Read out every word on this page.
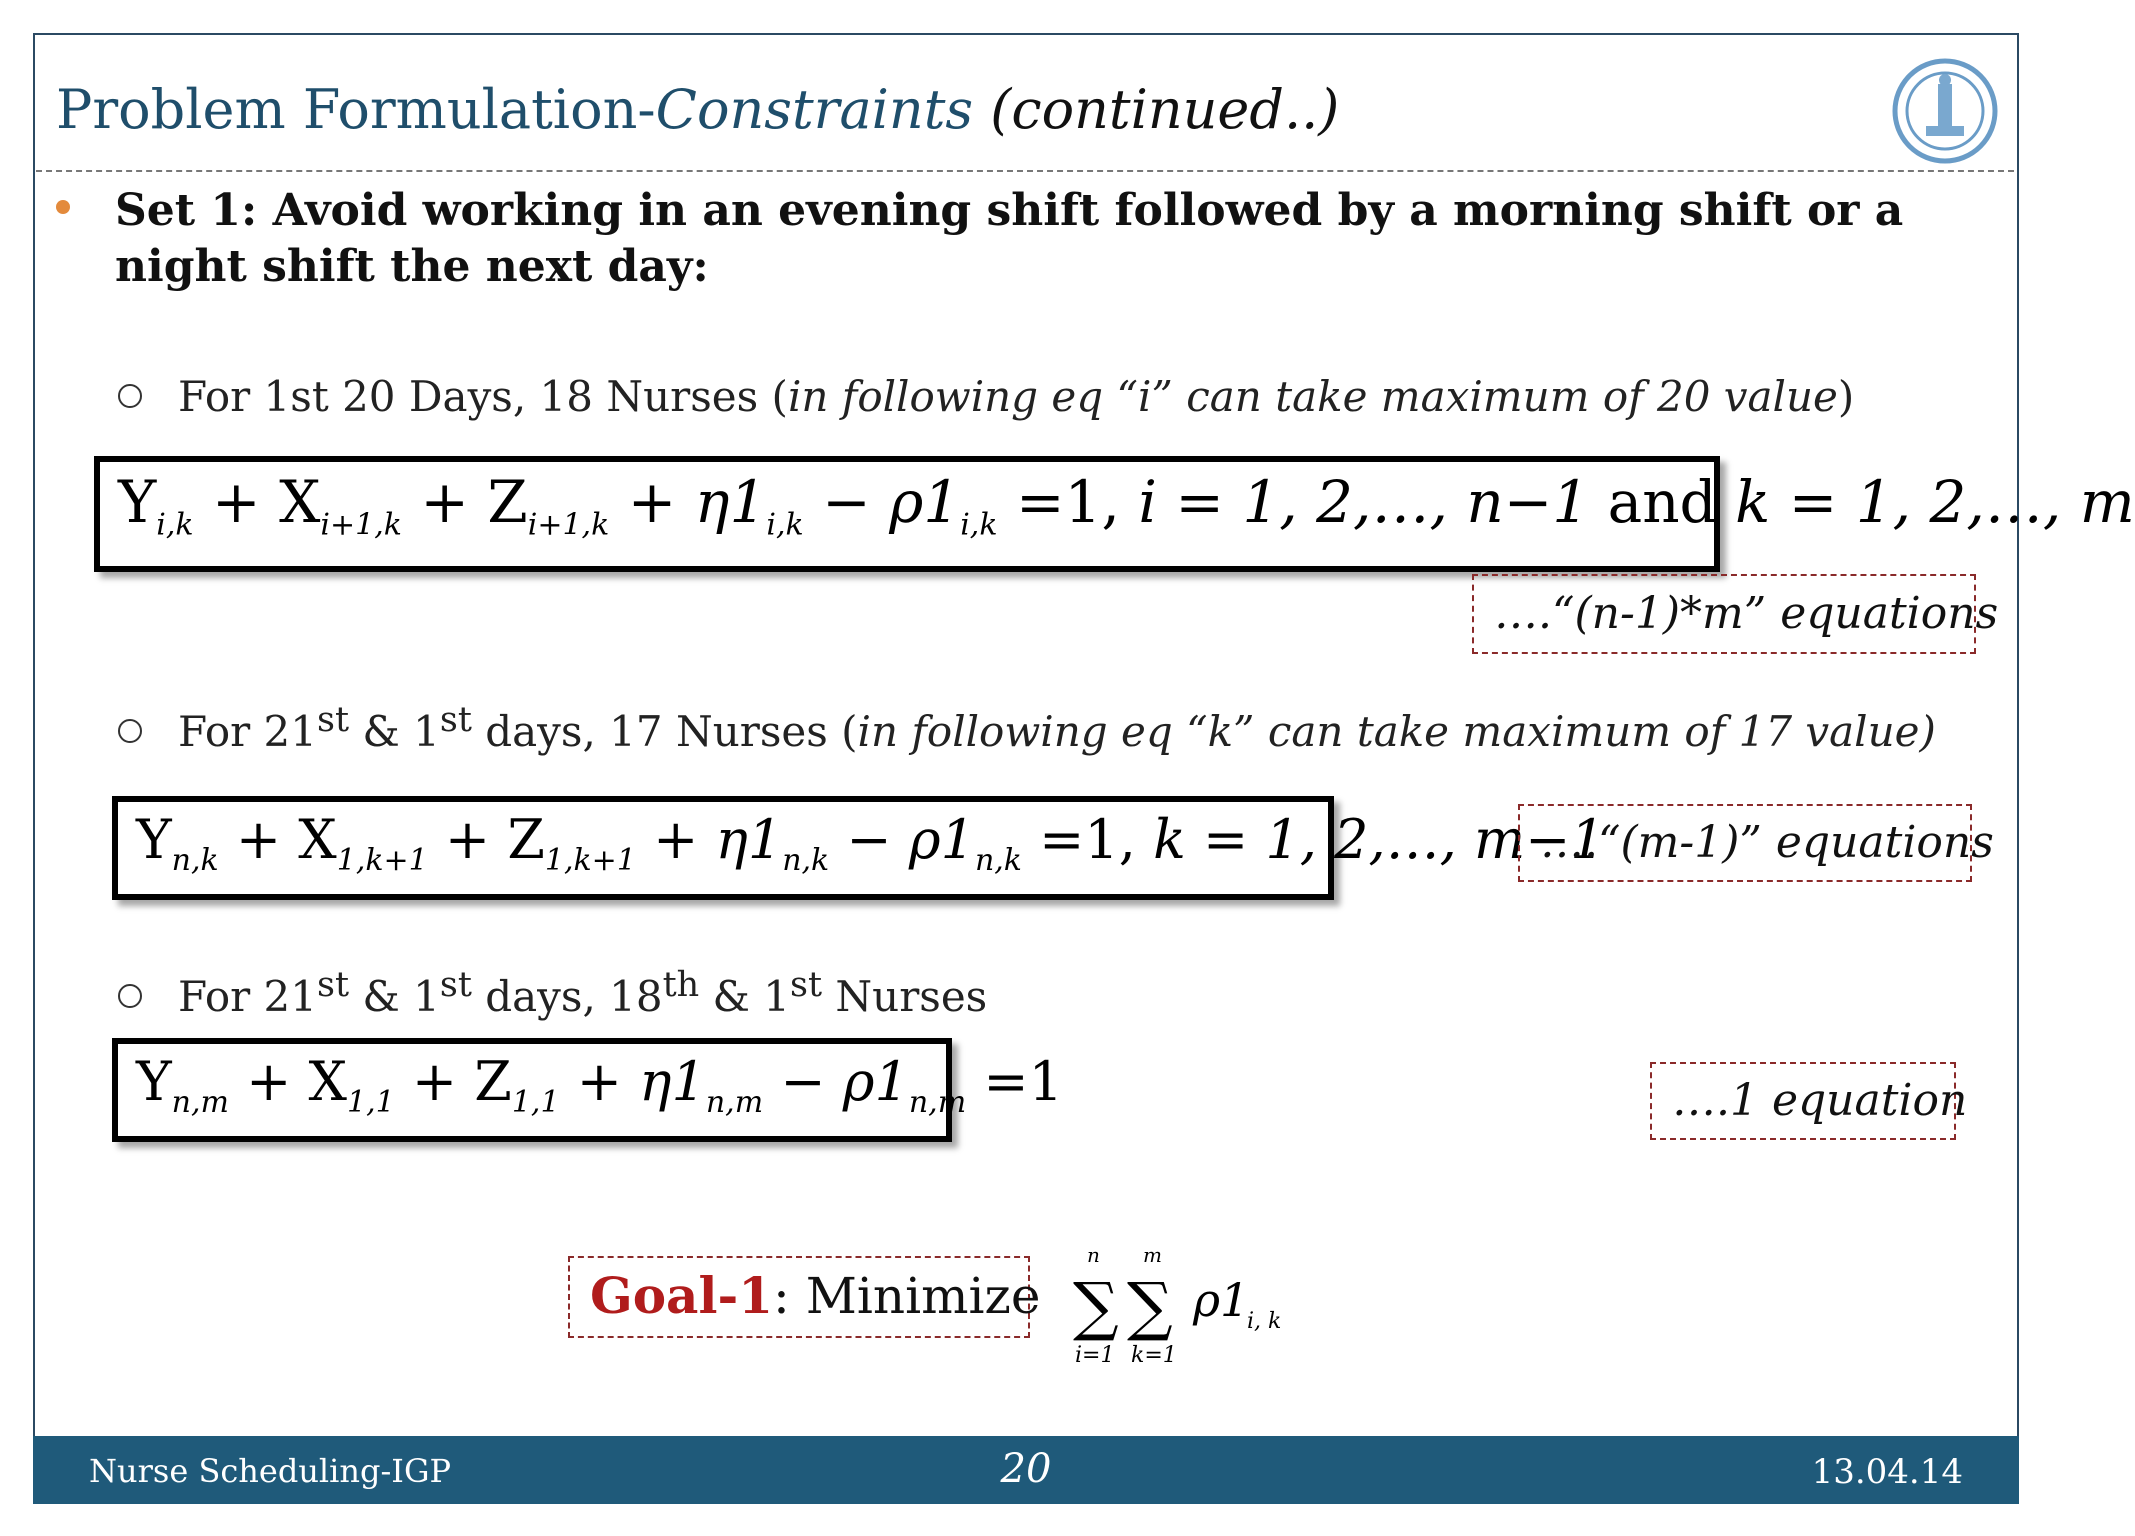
Problem Formulation-Constraints (continued..)
Set 1: Avoid working in an evening shift followed by a morning shift or a night shift the next day:
For 1st 20 Days, 18 Nurses (in following eq “i” can take maximum of 20 value)
$Y_{i,k} + X_{i+1,k} + Z_{i+1,k} + \eta 1_{i,k} - \rho 1_{i,k} =1$, i = 1, 2,…, n−1 and k = 1, 2,…, m
….“(n-1)*m” equations
For 21st & 1st days, 17 Nurses (in following eq “k” can take maximum of 17 value)
$Y_{n,k} + X_{1,k+1} + Z_{1,k+1} + \eta 1_{n,k} - \rho 1_{n,k} =1$, k = 1, 2,…, m−1
….“(m-1)” equations
For 21st & 1st days, 18th & 1st Nurses
$Y_{n,m} + X_{1,1} + Z_{1,1} + \eta 1_{n,m} - \rho 1_{n,m} =1$	….1 equation
Goal-1: Minimize
n m
∑ ∑
i=1 k=1
ρ1
i, k
Nurse Scheduling-IGP	20	13.04.14
